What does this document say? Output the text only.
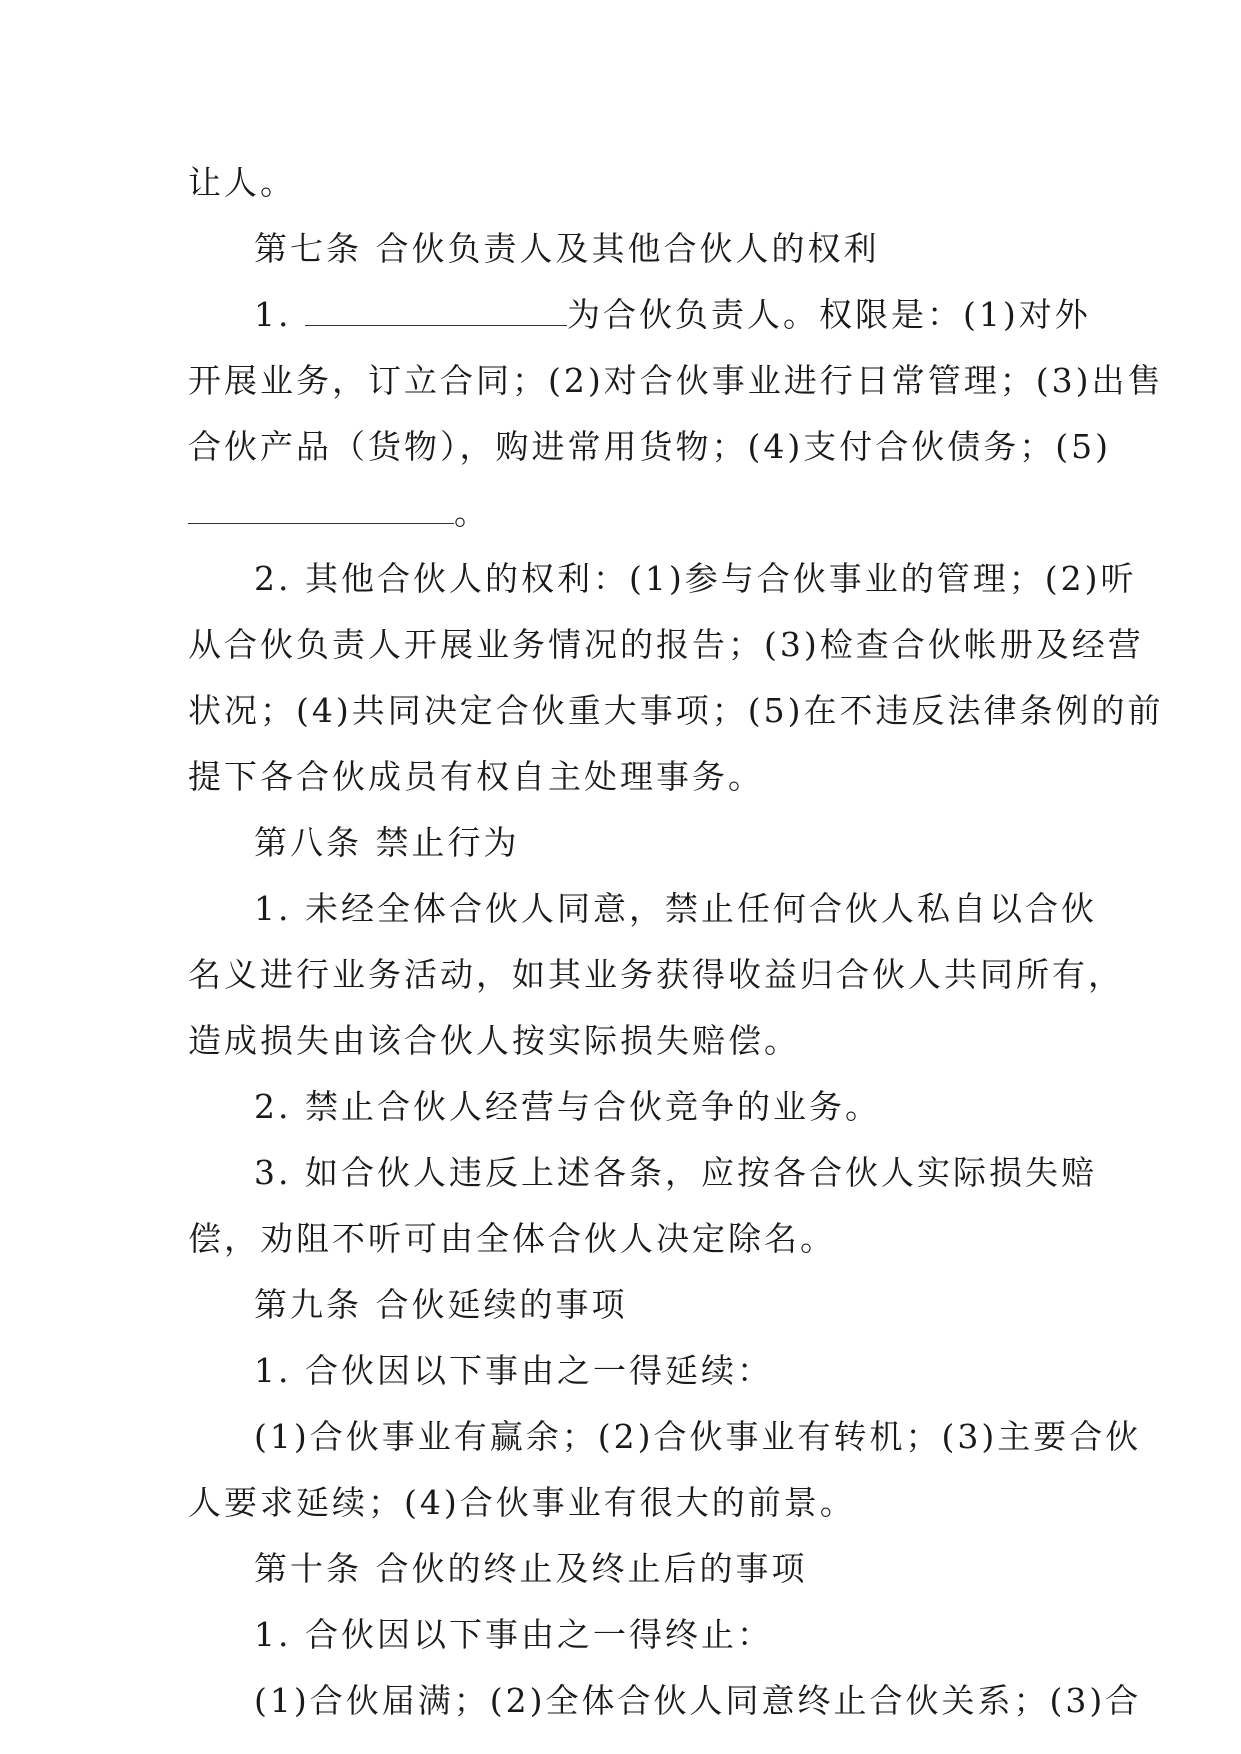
让人。
第七条 合伙负责人及其他合伙人的权利
1.	为合伙负责人。权限是：(1)对外
开展业务，订立合同；(2)对合伙事业进行日常管理；(3)出售
合伙产品（货物），购进常用货物；(4)支付合伙债务；(5)
。
2. 其他合伙人的权利：(1)参与合伙事业的管理；(2)听
从合伙负责人开展业务情况的报告；(3)检查合伙帐册及经营
状况；(4)共同决定合伙重大事项；(5)在不违反法律条例的前
提下各合伙成员有权自主处理事务。
第八条 禁止行为
1. 未经全体合伙人同意，禁止任何合伙人私自以合伙
名义进行业务活动，如其业务获得收益归合伙人共同所有，
造成损失由该合伙人按实际损失赔偿。
2. 禁止合伙人经营与合伙竞争的业务。
3. 如合伙人违反上述各条，应按各合伙人实际损失赔
偿，劝阻不听可由全体合伙人决定除名。
第九条 合伙延续的事项
1. 合伙因以下事由之一得延续：
(1)合伙事业有赢余；(2)合伙事业有转机；(3)主要合伙
人要求延续；(4)合伙事业有很大的前景。
第十条 合伙的终止及终止后的事项
1. 合伙因以下事由之一得终止：
(1)合伙届满；(2)全体合伙人同意终止合伙关系；(3)合
